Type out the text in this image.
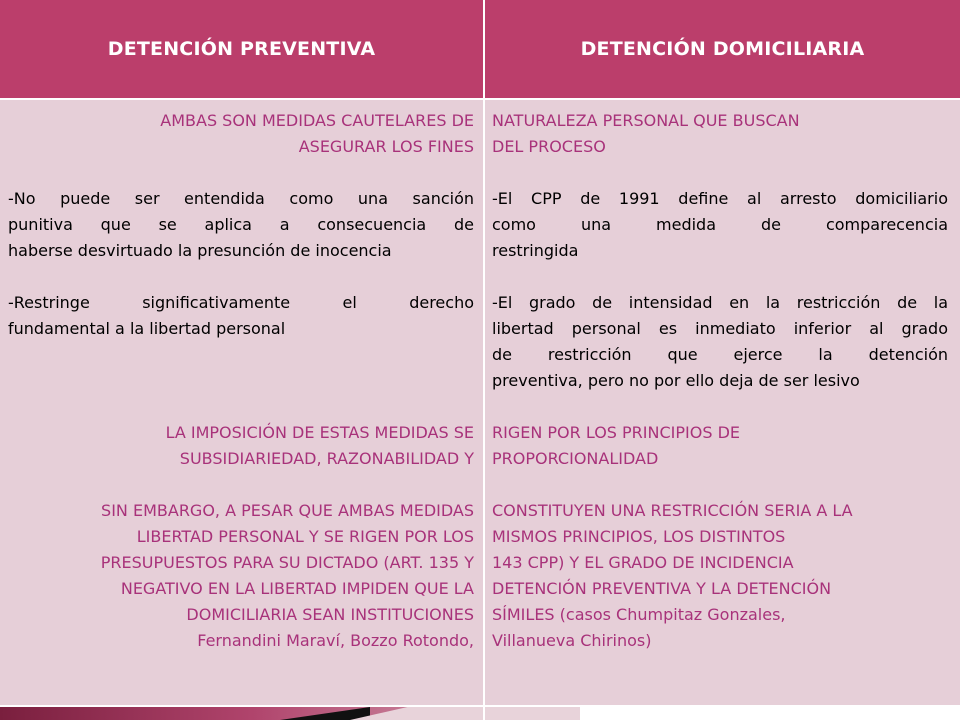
DETENCIÓN PREVENTIVA	DETENCIÓN DOMICILIARIA
AMBAS SON MEDIDAS CAUTELARES DE
ASEGURAR LOS FINES
-No puede ser entendida como una sanción
punitiva que se aplica a consecuencia de
haberse desvirtuado la presunción de inocencia
-Restringe significativamente el derecho
fundamental a la libertad personal
LA IMPOSICIÓN DE ESTAS MEDIDAS SE
SUBSIDIARIEDAD, RAZONABILIDAD Y
SIN EMBARGO, A PESAR QUE AMBAS MEDIDAS
LIBERTAD PERSONAL Y SE RIGEN POR LOS
PRESUPUESTOS PARA SU DICTADO (ART. 135 Y
NEGATIVO EN LA LIBERTAD IMPIDEN QUE LA
DOMICILIARIA SEAN INSTITUCIONES
Fernandini Maraví, Bozzo Rotondo,
NATURALEZA PERSONAL QUE BUSCAN
DEL PROCESO
-El CPP de 1991 define al arresto domiciliario
como una medida de comparecencia
restringida
-El grado de intensidad en la restricción de la
libertad personal es inmediato inferior al grado
de restricción que ejerce la detención
preventiva, pero no por ello deja de ser lesivo
RIGEN POR LOS PRINCIPIOS DE
PROPORCIONALIDAD
CONSTITUYEN UNA RESTRICCIÓN SERIA A LA
MISMOS PRINCIPIOS, LOS DISTINTOS
143 CPP) Y EL GRADO DE INCIDENCIA
DETENCIÓN PREVENTIVA Y LA DETENCIÓN
SÍMILES (casos Chumpitaz Gonzales,
Villanueva Chirinos)
